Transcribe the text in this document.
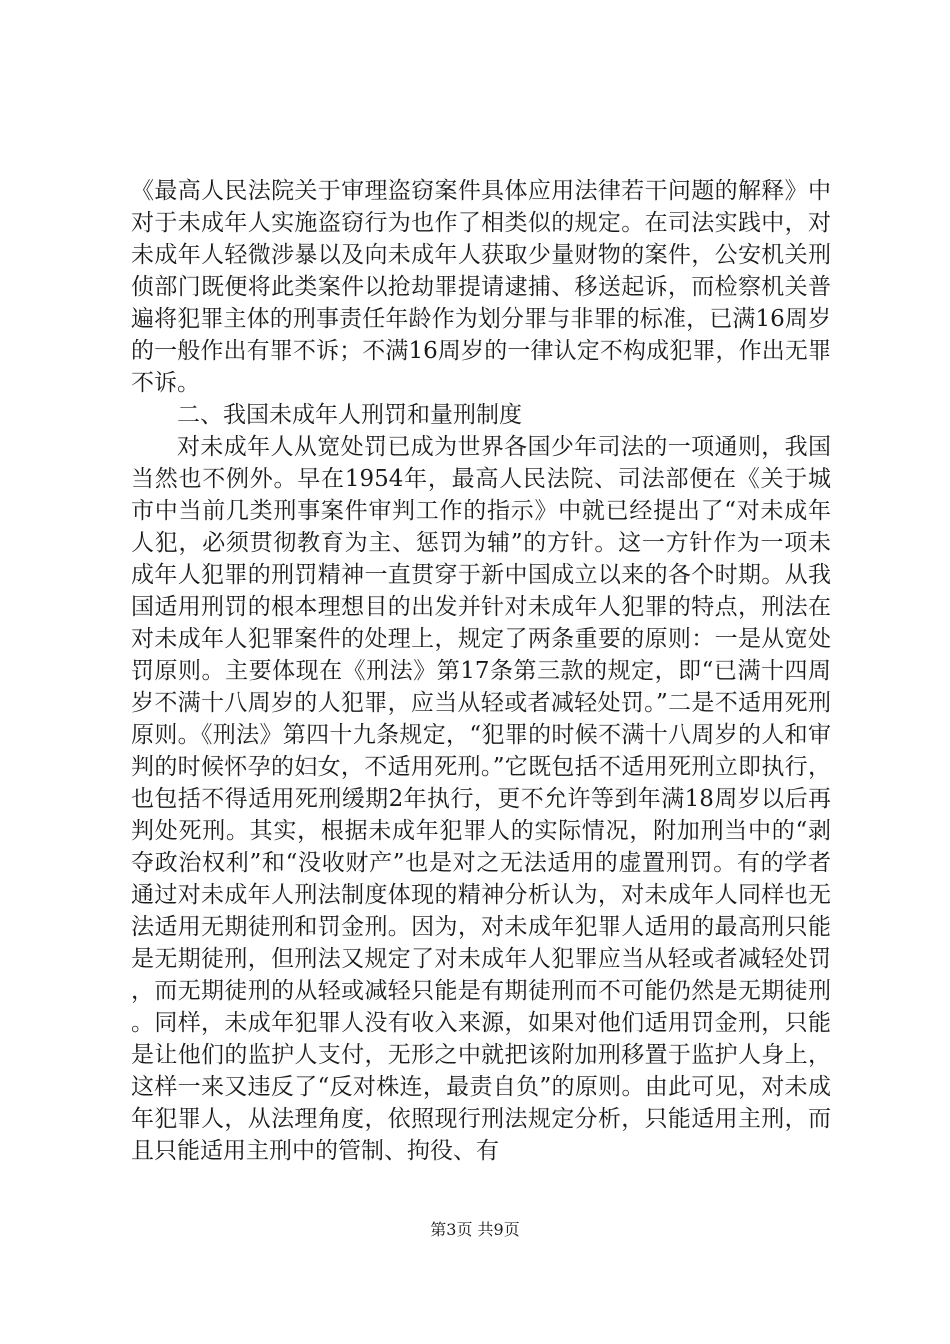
《最高人民法院关于审理盗窃案件具体应用法律若干问题的解释》中对于未成年人实施盗窃行为也作了相类似的规定。在司法实践中，对未成年人轻微涉暴以及向未成年人获取少量财物的案件，公安机关刑侦部门既便将此类案件以抢劫罪提请逮捕、移送起诉，而检察机关普遍将犯罪主体的刑事责任年龄作为划分罪与非罪的标准，已满16周岁的一般作出有罪不诉；不满16周岁的一律认定不构成犯罪，作出无罪不诉。

二、我国未成年人刑罚和量刑制度

对未成年人从宽处罚已成为世界各国少年司法的一项通则，我国当然也不例外。早在1954年，最高人民法院、司法部便在《关于城市中当前几类刑事案件审判工作的指示》中就已经提出了“对未成年人犯，必须贯彻教育为主、惩罚为辅”的方针。这一方针作为一项未成年人犯罪的刑罚精神一直贯穿于新中国成立以来的各个时期。从我国适用刑罚的根本理想目的出发并针对未成年人犯罪的特点，刑法在对未成年人犯罪案件的处理上，规定了两条重要的原则：一是从宽处罚原则。主要体现在《刑法》第17条第三款的规定，即“已满十四周岁不满十八周岁的人犯罪，应当从轻或者减轻处罚。”二是不适用死刑原则。《刑法》第四十九条规定，“犯罪的时候不满十八周岁的人和审判的时候怀孕的妇女，不适用死刑。”它既包括不适用死刑立即执行，也包括不得适用死刑缓期2年执行，更不允许等到年满18周岁以后再判处死刑。其实，根据未成年犯罪人的实际情况，附加刑当中的“剥夺政治权利”和“没收财产”也是对之无法适用的虚置刑罚。有的学者通过对未成年人刑法制度体现的精神分析认为，对未成年人同样也无法适用无期徒刑和罚金刑。因为，对未成年犯罪人适用的最高刑只能是无期徒刑，但刑法又规定了对未成年人犯罪应当从轻或者减轻处罚，而无期徒刑的从轻或减轻只能是有期徒刑而不可能仍然是无期徒刑。同样，未成年犯罪人没有收入来源，如果对他们适用罚金刑，只能是让他们的监护人支付，无形之中就把该附加刑移置于监护人身上，这样一来又违反了“反对株连，最责自负”的原则。由此可见，对未成年犯罪人，从法理角度，依照现行刑法规定分析，只能适用主刑，而且只能适用主刑中的管制、拘役、有

第3页 共9页
